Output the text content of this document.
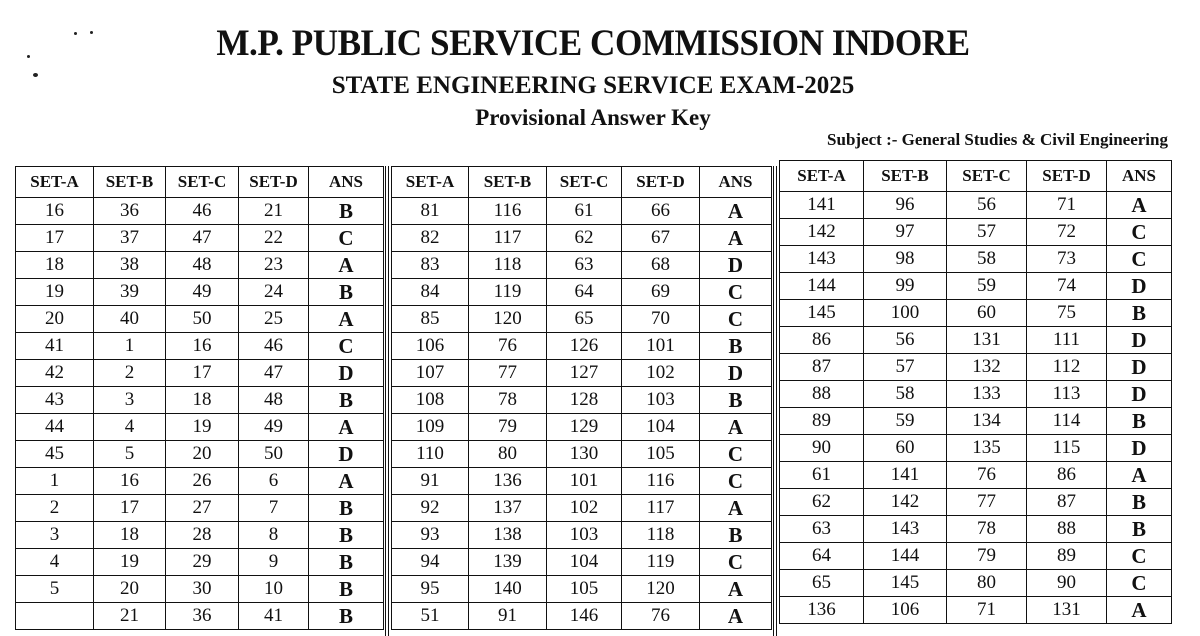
M.P. PUBLIC SERVICE COMMISSION INDORE
STATE ENGINEERING SERVICE EXAM-2025
Provisional Answer Key
Subject :- General Studies & Civil Engineering
SET-A	SET-B	SET-C	SET-D	ANS
16	36	46	21	B
17	37	47	22	C
18	38	48	23	A
19	39	49	24	B
20	40	50	25	A
41	1	16	46	C
42	2	17	47	D
43	3	18	48	B
44	4	19	49	A
45	5	20	50	D
1	16	26	6	A
2	17	27	7	B
3	18	28	8	B
4	19	29	9	B
5	20	30	10	B
	21	36	41	B
SET-A	SET-B	SET-C	SET-D	ANS
81	116	61	66	A
82	117	62	67	A
83	118	63	68	D
84	119	64	69	C
85	120	65	70	C
106	76	126	101	B
107	77	127	102	D
108	78	128	103	B
109	79	129	104	A
110	80	130	105	C
91	136	101	116	C
92	137	102	117	A
93	138	103	118	B
94	139	104	119	C
95	140	105	120	A
51	91	146	76	A
SET-A	SET-B	SET-C	SET-D	ANS
141	96	56	71	A
142	97	57	72	C
143	98	58	73	C
144	99	59	74	D
145	100	60	75	B
86	56	131	111	D
87	57	132	112	D
88	58	133	113	D
89	59	134	114	B
90	60	135	115	D
61	141	76	86	A
62	142	77	87	B
63	143	78	88	B
64	144	79	89	C
65	145	80	90	C
136	106	71	131	A
